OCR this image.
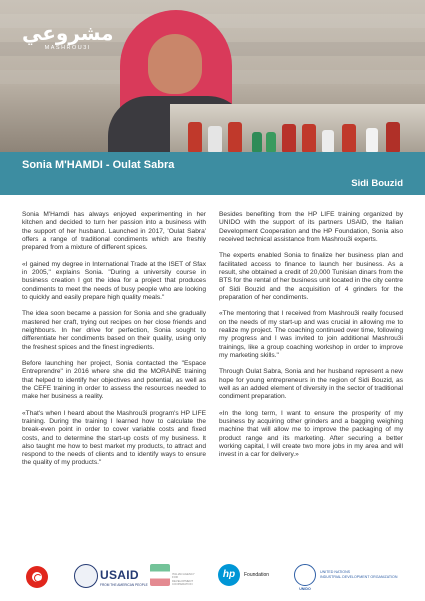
مشروعي
MASHROU3I
Sonia M'HAMDI - Oulat Sabra
Sidi Bouzid

Sonia M'Hamdi has always enjoyed experimenting in her kitchen and decided to turn her passion into a business with the support of her husband. Launched in 2017, 'Oulat Sabra' offers a range of traditional condiments which are freshly prepared from a mixture of different spices.

«I gained my degree in International Trade at the ISET of Sfax in 2005," explains Sonia. "During a university course in business creation I got the idea for a project that produces condiments to meet the needs of busy people who are looking to quickly and easily prepare high quality meals."

The idea soon became a passion for Sonia and she gradually mastered her craft, trying out recipes on her close friends and neighbours. In her drive for perfection, Sonia sought to differentiate her condiments based on their quality, using only the freshest spices and the finest ingredients.

Before launching her project, Sonia contacted the "Espace Entreprendre" in 2016 where she did the MORAINE training that helped to identify her objectives and potential, as well as the CEFE training in order to assess the resources needed to make her business a reality.

«That's when I heard about the Mashrou3i program's HP LIFE training. During the training I learned how to calculate the break-even point in order to cover variable costs and fixed costs, and to determine the start-up costs of my business. It also taught me how to best market my products, to attract and respond to the needs of clients and to identify ways to ensure the quality of my products."

Besides benefiting from the HP LIFE training organized by UNIDO with the support of its partners USAID, the Italian Development Cooperation and the HP Foundation, Sonia also received technical assistance from Mashrou3i experts.

The experts enabled Sonia to finalize her business plan and facilitated access to finance to launch her business. As a result, she obtained a credit of 20,000 Tunisian dinars from the BTS for the rental of her business unit located in the city centre of Sidi Bouzid and the acquisition of 4 grinders for the preparation of her condiments.

«The mentoring that I received from Mashrou3i really focused on the needs of my start-up and was crucial in allowing me to realize my project. The coaching continued over time, following my progress and I was invited to join additional Mashrou3i trainings, like a group coaching workshop in order to improve my marketing skills."

Through Oulat Sabra, Sonia and her husband represent a new hope for young entrepreneurs in the region of Sidi Bouzid, as well as an added element of diversity in the sector of traditional condiment preparation.

«In the long term, I want to ensure the prosperity of my business by acquiring other grinders and a bagging weighing machine that will allow me to improve the packaging of my product range and its marketing. After securing a better working capital, I will create two more jobs in my area and will invest in a car for delivery.»

USAID
FROM THE AMERICAN PEOPLE
ITALIAN AGENCY FOR DEVELOPMENT COOPERATION
hp	Foundation
UNIDO
UNITED NATIONS
INDUSTRIAL DEVELOPMENT ORGANIZATION
